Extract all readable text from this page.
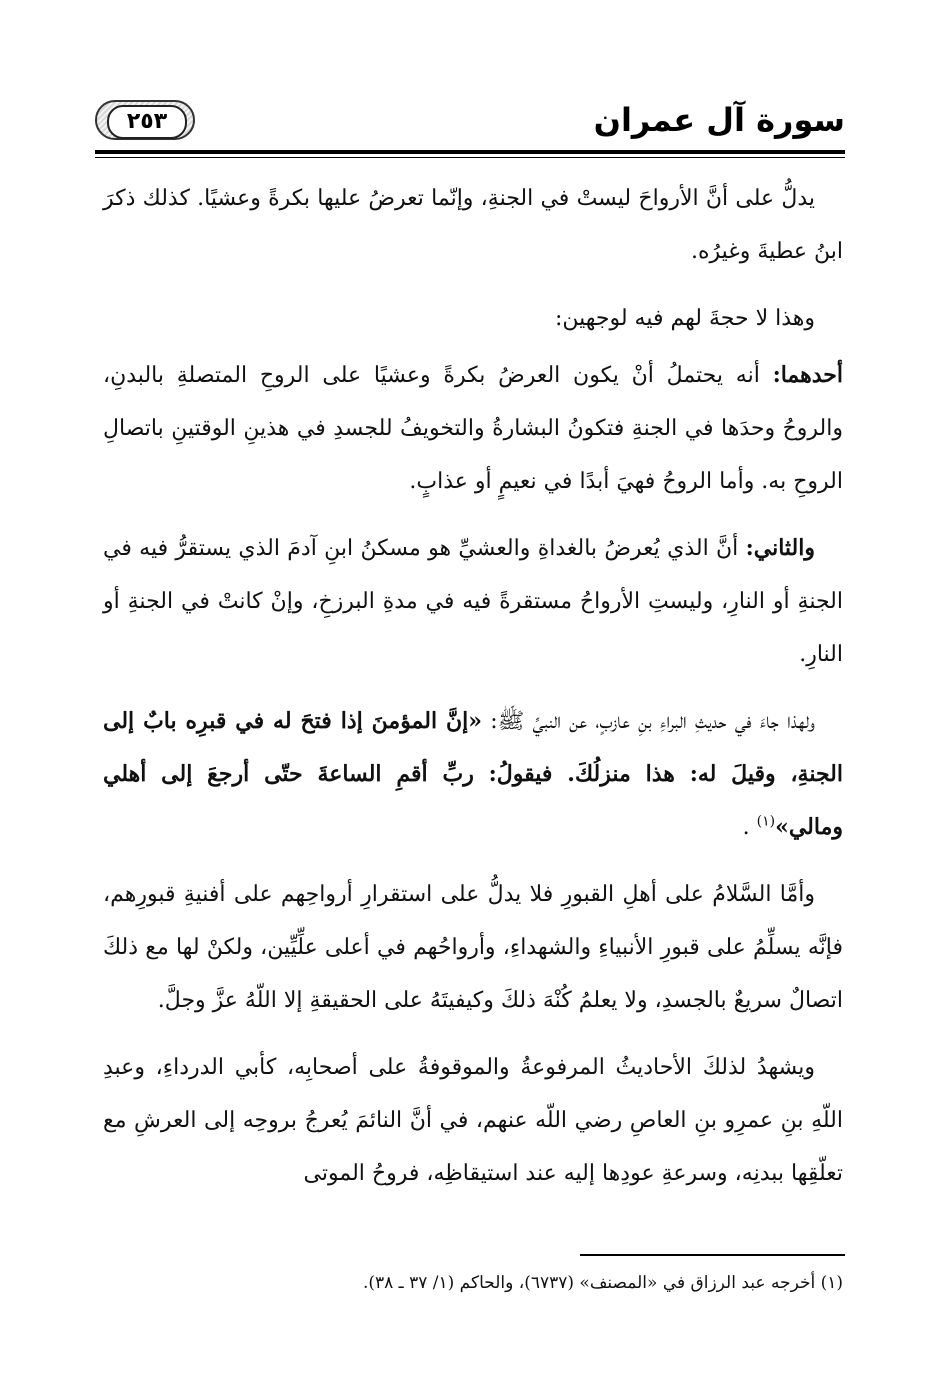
سورة آل عمران
٢٥٣

يدلُّ على أنَّ الأرواحَ ليستْ في الجنةِ، وإنّما تعرضُ عليها بكرةً وعشيًا. كذلك ذكرَ ابنُ عطيةَ وغيرُه.

وهذا لا حجةَ لهم فيه لوجهين:

أحدهما: أنه يحتملُ أنْ يكون العرضُ بكرةً وعشيًا على الروحِ المتصلةِ بالبدنِ، والروحُ وحدَها في الجنةِ فتكونُ البشارةُ والتخويفُ للجسدِ في هذينِ الوقتينِ باتصالِ الروحِ به. وأما الروحُ فهيَ أبدًا في نعيمٍ أو عذابٍ.

والثاني: أنَّ الذي يُعرضُ بالغداةِ والعشيِّ هو مسكنُ ابنِ آدمَ الذي يستقرُّ فيه في الجنةِ أو النارِ، وليستِ الأرواحُ مستقرةً فيه في مدةِ البرزخِ، وإنْ كانتْ في الجنةِ أو النارِ.

ولهذا جاءَ في حديثِ البراءِ بنِ عازبٍ، عن النبيِّ ﷺ: «إنَّ المؤمنَ إذا فتحَ له في قبرِه بابٌ إلى الجنةِ، وقيلَ له: هذا منزلُكَ. فيقولُ: ربِّ أقمِ الساعةَ حتّى أرجعَ إلى أهلي ومالي»$^{(١)}$ .

وأمَّا السَّلامُ على أهلِ القبورِ فلا يدلُّ على استقرارِ أرواحِهم على أفنيةِ قبورِهم، فإنَّه يسلِّمُ على قبورِ الأنبياءِ والشهداءِ، وأرواحُهم في أعلى علِّيِّين، ولكنْ لها مع ذلكَ اتصالٌ سريعٌ بالجسدِ، ولا يعلمُ كُنْهَ ذلكَ وكيفيتَهُ على الحقيقةِ إلا اللّهُ عزَّ وجلَّ.

ويشهدُ لذلكَ الأحاديثُ المرفوعةُ والموقوفةُ على أصحابِه، كأبي الدرداءِ، وعبدِ اللّهِ بنِ عمرِو بنِ العاصِ رضي اللّه عنهم، في أنَّ النائمَ يُعرجُ بروحِه إلى العرشِ مع تعلّقِها ببدنِه، وسرعةِ عودِها إليه عند استيقاظِه، فروحُ الموتى

(١) أخرجه عبد الرزاق في «المصنف» (٦٧٣٧)، والحاكم (١/ ٣٧ ـ ٣٨).
